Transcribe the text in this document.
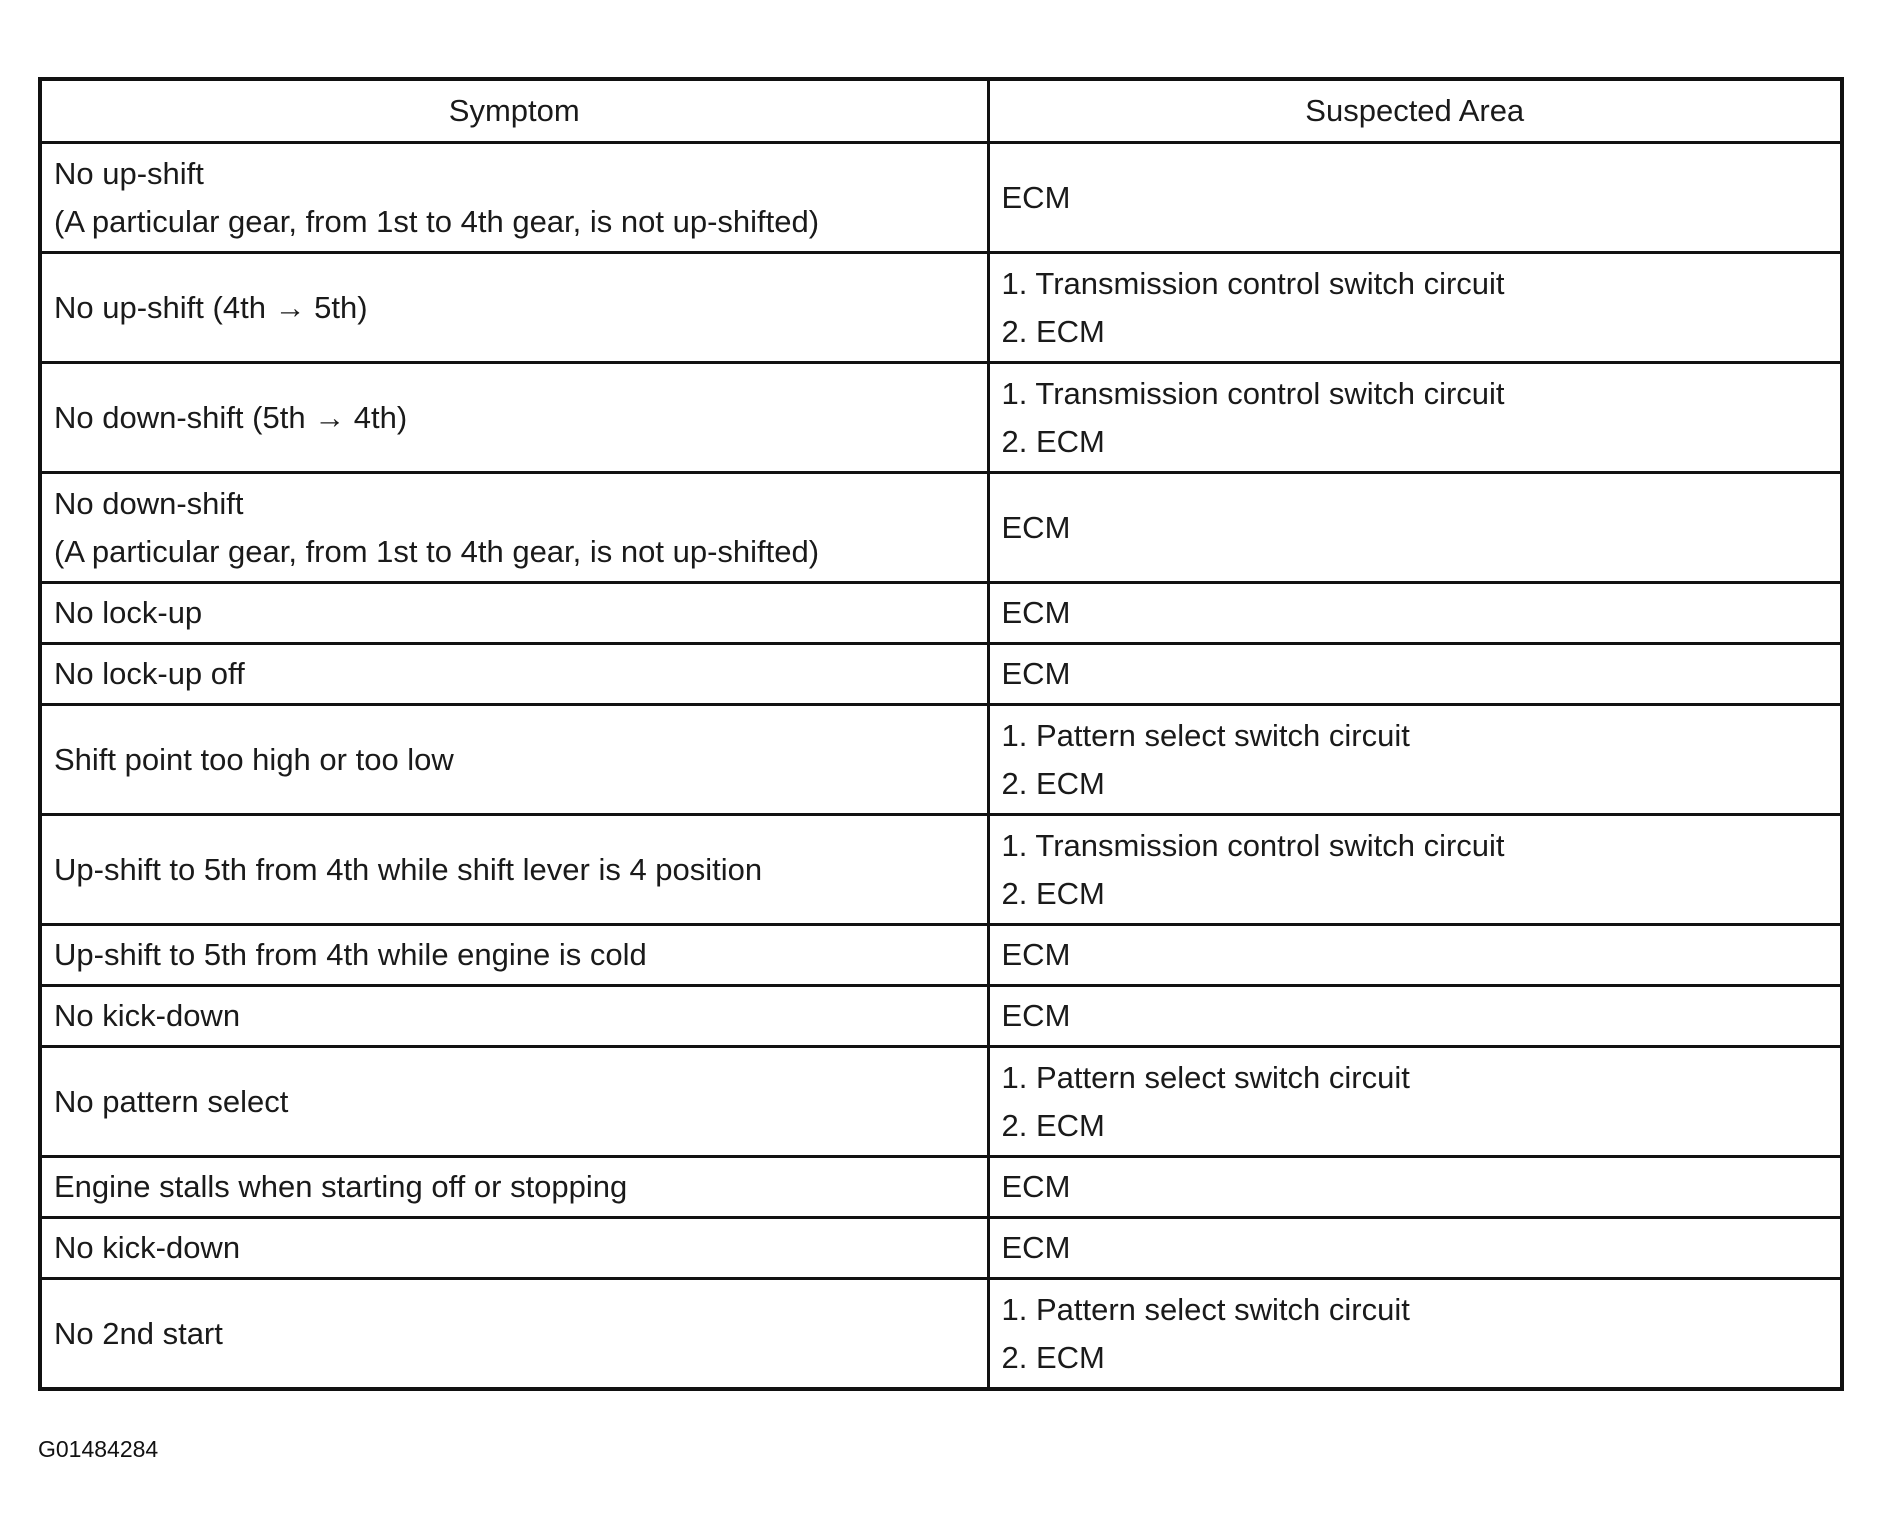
Symptom	Suspected Area

No up-shift
(A particular gear, from 1st to 4th gear, is not up-shifted)	ECM

No up-shift (4th → 5th)	1. Transmission control switch circuit
2. ECM

No down-shift (5th → 4th)	1. Transmission control switch circuit
2. ECM

No down-shift
(A particular gear, from 1st to 4th gear, is not up-shifted)	ECM

No lock-up	ECM

No lock-up off	ECM

Shift point too high or too low	1. Pattern select switch circuit
2. ECM

Up-shift to 5th from 4th while shift lever is 4 position	1. Transmission control switch circuit
2. ECM

Up-shift to 5th from 4th while engine is cold	ECM

No kick-down	ECM

No pattern select	1. Pattern select switch circuit
2. ECM

Engine stalls when starting off or stopping	ECM

No kick-down	ECM

No 2nd start	1. Pattern select switch circuit
2. ECM
G01484284
